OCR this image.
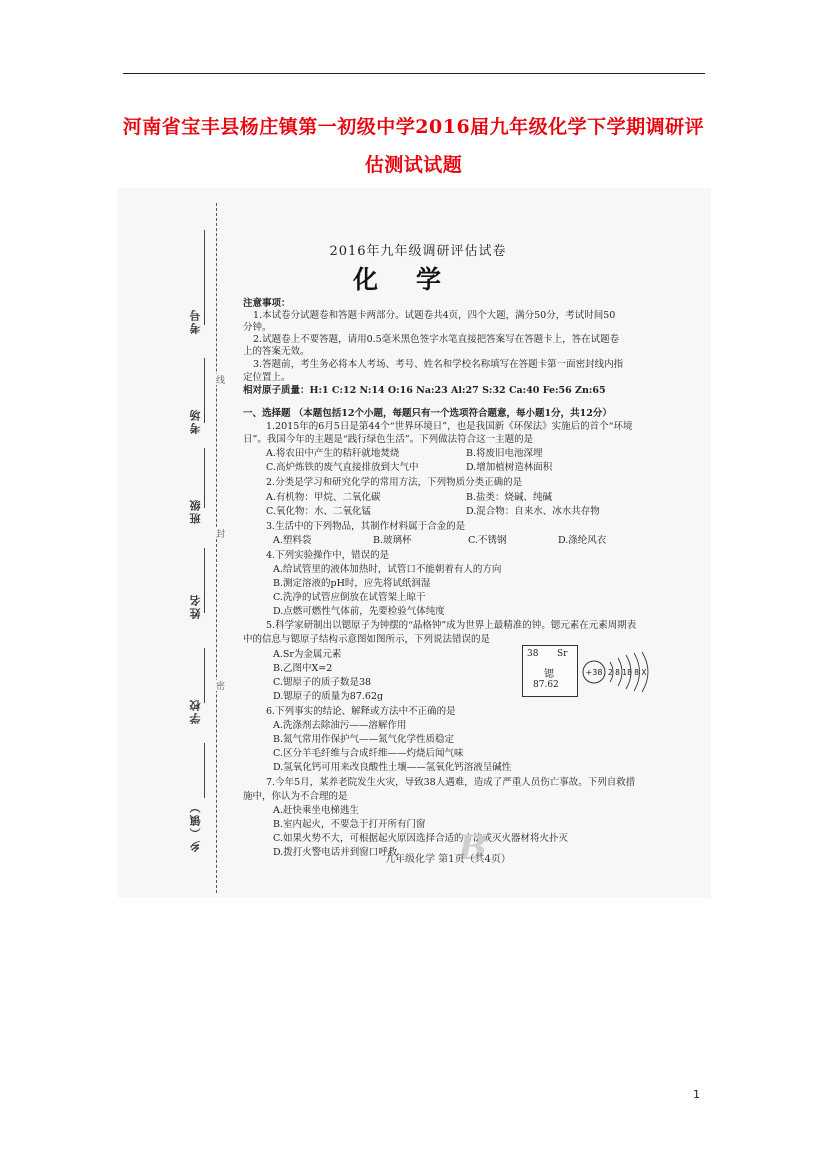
河南省宝丰县杨庄镇第一初级中学2016届九年级化学下学期调研评
估测试试题
考号
线
考场
班级
封
姓名
密
学校
乡（镇）
2016年九年级调研评估试卷
化学
注意事项：
1.本试卷分试题卷和答题卡两部分。试题卷共4页，四个大题，满分50分，考试时间50
分钟。
2.试题卷上不要答题，请用0.5毫米黑色签字水笔直接把答案写在答题卡上，答在试题卷
上的答案无效。
3.答题前，考生务必将本人考场、考号、姓名和学校名称填写在答题卡第一面密封线内指
定位置上。
相对原子质量：H:1 C:12 N:14 O:16 Na:23 Al:27 S:32 Ca:40 Fe:56 Zn:65
一、选择题 （本题包括12个小题，每题只有一个选项符合题意，每小题1分，共12分）
1.2015年的6月5日是第44个“世界环境日”，也是我国新《环保法》实施后的首个“环境
日”。我国今年的主题是“践行绿色生活”。下列做法符合这一主题的是
A.将农田中产生的秸秆就地焚烧	B.将废旧电池深埋
C.高炉炼铁的废气直接排放到大气中	D.增加植树造林面积
2.分类是学习和研究化学的常用方法，下列物质分类正确的是
A.有机物：甲烷、二氧化碳	B.盐类：烧碱、纯碱
C.氧化物：水、二氧化锰	D.混合物：自来水、冰水共存物
3.生活中的下列物品，其制作材料属于合金的是
A.塑料袋	B.玻璃杯	C.不锈钢	D.涤纶风衣
4.下列实验操作中，错误的是
A.给试管里的液体加热时，试管口不能朝着有人的方向
B.测定溶液的pH时，应先将试纸润湿
C.洗净的试管应倒放在试管架上晾干
D.点燃可燃性气体前，先要检验气体纯度
5.科学家研制出以锶原子为钟摆的“晶格钟”成为世界上最精准的钟。锶元素在元素周期表
中的信息与锶原子结构示意图如图所示，下列说法错误的是
A.Sr为金属元素
B.乙图中X=2
C.锶原子的质子数是38
D.锶原子的质量为87.62g
6.下列事实的结论、解释或方法中不正确的是
A.洗涤剂去除油污——溶解作用
B.氮气常用作保护气——氮气化学性质稳定
C.区分羊毛纤维与合成纤维——灼烧后闻气味
D.氢氧化钙可用来改良酸性土壤——氢氧化钙溶液呈碱性
7.今年5月，某养老院发生火灾，导致38人遇难，造成了严重人员伤亡事故。下列自救措
施中，你认为不合理的是
A.赶快乘坐电梯逃生
B.室内起火，不要急于打开所有门窗
C.如果火势不大，可根据起火原因选择合适的方法或灭火器材将火扑灭
D.拨打火警电话并到窗口呼救
38 Sr
锶
87.62
+38 2 8 18 8 X
B
九年级化学 第1页（共4页）
1
